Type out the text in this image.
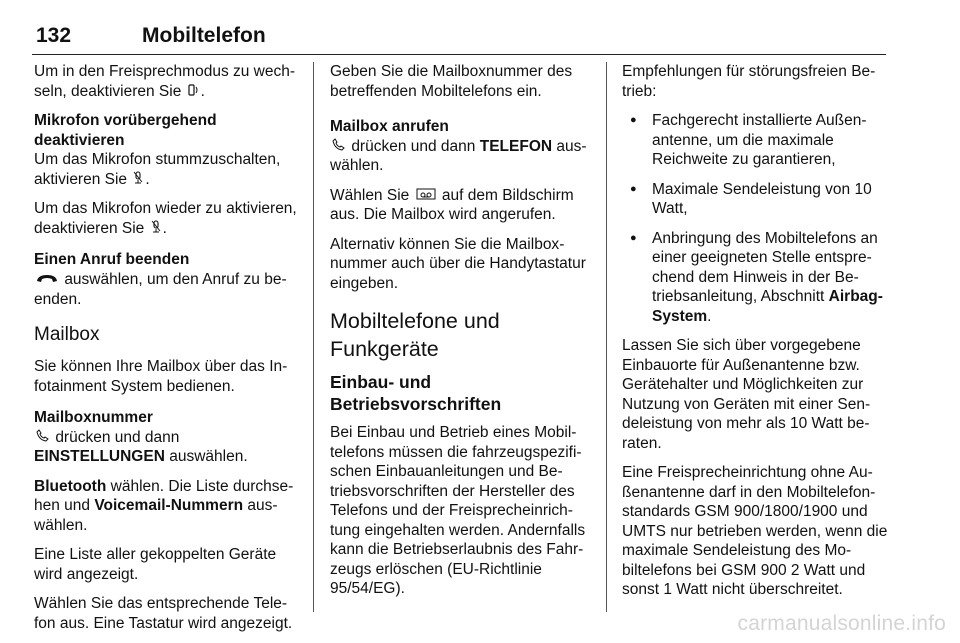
132	Mobiltelefon

Um in den Freisprechmodus zu wechseln, deaktivieren Sie .

Mikrofon vorübergehend deaktivieren

Um das Mikrofon stummzuschalten, aktivieren Sie .

Um das Mikrofon wieder zu aktivieren, deaktivieren Sie .

Einen Anruf beenden

auswählen, um den Anruf zu beenden.

Mailbox

Sie können Ihre Mailbox über das Infotainment System bedienen.

Mailboxnummer

drücken und dann
EINSTELLUNGEN auswählen.

Bluetooth wählen. Die Liste durchsehen und Voicemail-Nummern auswählen.

Eine Liste aller gekoppelten Geräte wird angezeigt.

Wählen Sie das entsprechende Telefon aus. Eine Tastatur wird angezeigt.

Geben Sie die Mailboxnummer des betreffenden Mobiltelefons ein.

Mailbox anrufen

drücken und dann TELEFON auswählen.

Wählen Sie auf dem Bildschirm aus. Die Mailbox wird angerufen.

Alternativ können Sie die Mailboxnummer auch über die Handytastatur eingeben.

Mobiltelefone und Funkgeräte

Einbau- und Betriebsvorschriften

Bei Einbau und Betrieb eines Mobiltelefons müssen die fahrzeugspezifischen Einbauanleitungen und Betriebsvorschriften der Hersteller des Telefons und der Freisprecheinrichtung eingehalten werden. Andernfalls kann die Betriebserlaubnis des Fahrzeugs erlöschen (EU-Richtlinie 95/54/EG).

Empfehlungen für störungsfreien Betrieb:

● Fachgerecht installierte Außenantenne, um die maximale Reichweite zu garantieren,
● Maximale Sendeleistung von 10 Watt,
● Anbringung des Mobiltelefons an einer geeigneten Stelle entsprechend dem Hinweis in der Betriebsanleitung, Abschnitt Airbag-System.

Lassen Sie sich über vorgegebene Einbauorte für Außenantenne bzw. Gerätehalter und Möglichkeiten zur Nutzung von Geräten mit einer Sendeleistung von mehr als 10 Watt beraten.

Eine Freisprecheinrichtung ohne Außenantenne darf in den Mobiltelefon-standards GSM 900/1800/1900 und UMTS nur betrieben werden, wenn die maximale Sendeleistung des Mobiltelefons bei GSM 900 2 Watt und sonst 1 Watt nicht überschreitet.

carmanualsonline.info
